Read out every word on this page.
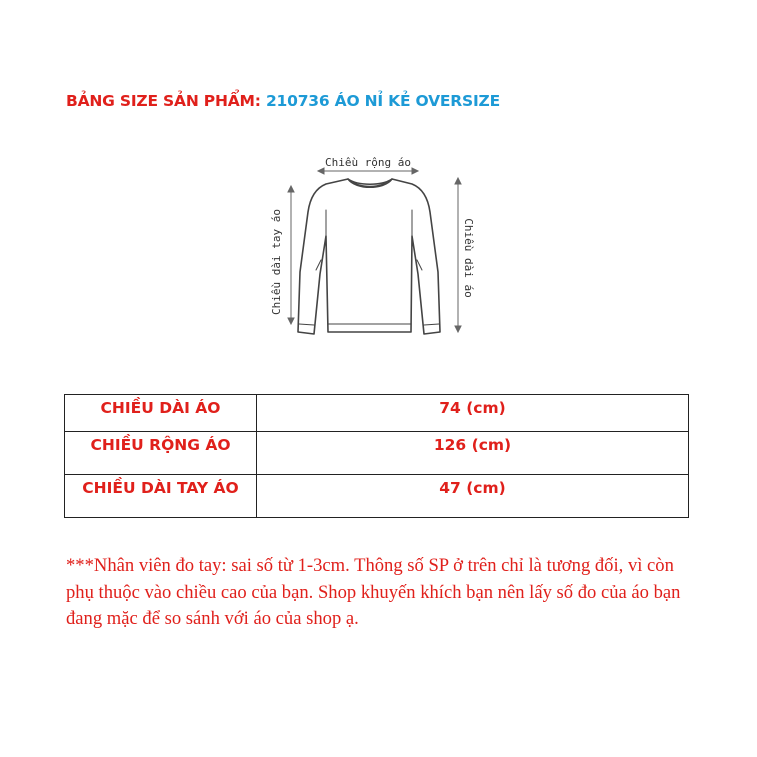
BẢNG SIZE SẢN PHẨM: 210736 ÁO NỈ KẺ OVERSIZE
Chiều rộng áo
Chiều dài tay áo	Chiều dài áo
CHIỀU DÀI ÁO	74 (cm)

CHIỀU RỘNG ÁO	126 (cm)

CHIỀU DÀI TAY ÁO	47 (cm)
***Nhân viên đo tay: sai số từ 1-3cm. Thông số SP ở trên chỉ là tương đối, vì còn phụ thuộc vào chiều cao của bạn. Shop khuyến khích bạn nên lấy số đo của áo bạn đang mặc để so sánh với áo của shop ạ.
